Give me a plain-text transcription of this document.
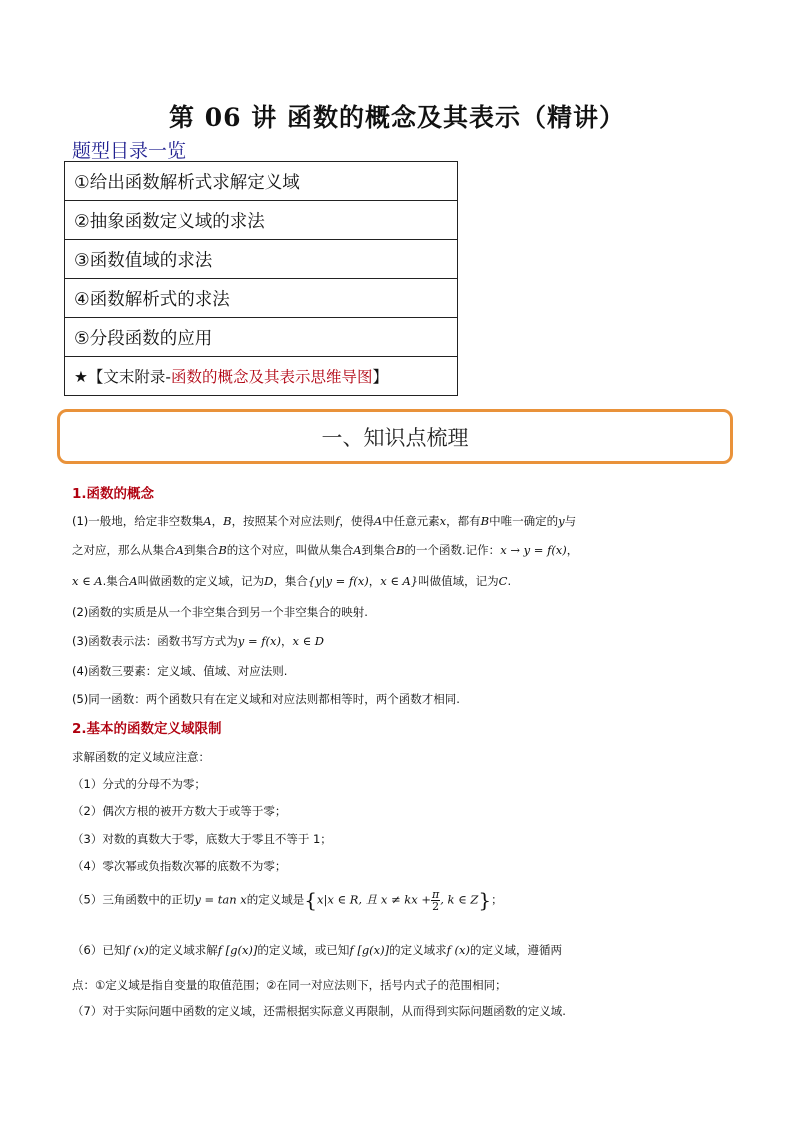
第 06 讲 函数的概念及其表示（精讲）
题型目录一览
①给出函数解析式求解定义域
②抽象函数定义域的求法
③函数值域的求法
④函数解析式的求法
⑤分段函数的应用
★【文末附录-函数的概念及其表示思维导图】
一、知识点梳理
1.函数的概念
(1)一般地，给定非空数集A，B，按照某个对应法则f，使得A中任意元素x，都有B中唯一确定的y与
之对应，那么从集合A到集合B的这个对应，叫做从集合A到集合B的一个函数.记作：x → y = f(x)，
x ∈ A.集合A叫做函数的定义域，记为D，集合{y|y = f(x)，x ∈ A}叫做值域，记为C.
(2)函数的实质是从一个非空集合到另一个非空集合的映射.
(3)函数表示法：函数书写方式为y = f(x)，x ∈ D
(4)函数三要素：定义域、值域、对应法则.
(5)同一函数：两个函数只有在定义域和对应法则都相等时，两个函数才相同.
2.基本的函数定义域限制
求解函数的定义域应注意：
（1）分式的分母不为零；
（2）偶次方根的被开方数大于或等于零；
（3）对数的真数大于零，底数大于零且不等于 1；
（4）零次幂或负指数次幂的底数不为零；
（5）三角函数中的正切y = tan x的定义域是{x|x ∈ R, 且 x ≠ kx + $\frac{\pi}{2}$ , k ∈ Z}；
（6）已知f (x)的定义域求解f [g(x)]的定义域，或已知f [g(x)]的定义域求f (x)的定义域，遵循两
点：①定义域是指自变量的取值范围；②在同一对应法则下，括号内式子的范围相同；
（7）对于实际问题中函数的定义域，还需根据实际意义再限制，从而得到实际问题函数的定义域.
